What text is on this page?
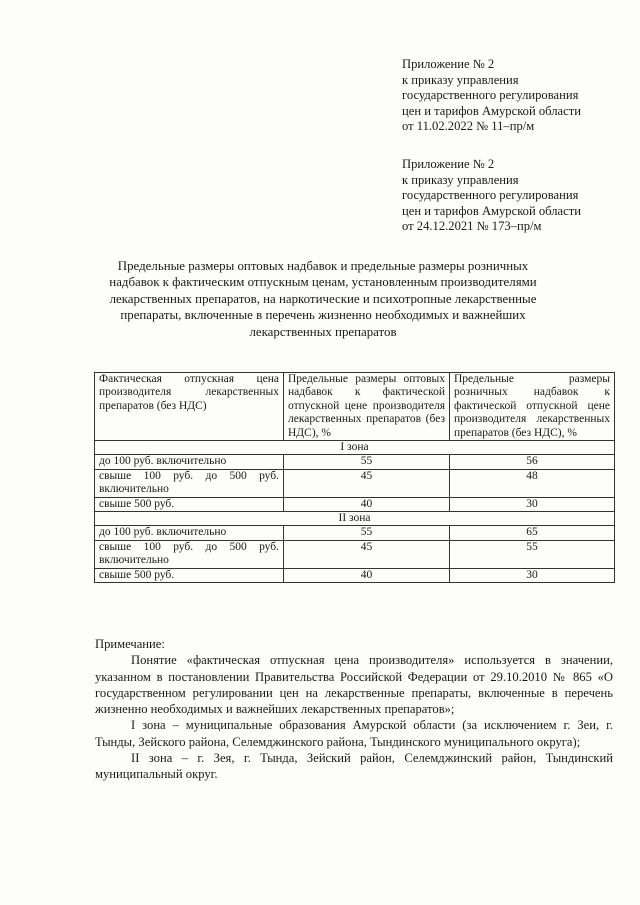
Приложение № 2
к приказу управления
государственного регулирования
цен и тарифов Амурской области
от 11.02.2022 № 11–пр/м
Приложение № 2
к приказу управления
государственного регулирования
цен и тарифов Амурской области
от 24.12.2021 № 173–пр/м
Предельные размеры оптовых надбавок и предельные размеры розничных
надбавок к фактическим отпускным ценам, установленным производителями
лекарственных препаратов, на наркотические и психотропные лекарственные
препараты, включенные в перечень жизненно необходимых и важнейших
лекарственных препаратов
Фактическая отпускная цена производителя лекарственных препаратов (без НДС)	Предельные размеры оптовых надбавок к фактической отпускной цене производителя лекарственных препаратов (без НДС), %	Предельные размеры розничных надбавок к фактической отпускной цене производителя лекарственных препаратов (без НДС), %
I зона		
до 100 руб. включительно	55	56
свыше 100 руб. до 500 руб. включительно	45	48
свыше 500 руб.	40	30
II зона		
до 100 руб. включительно	55	65
свыше 100 руб. до 500 руб. включительно	45	55
свыше 500 руб.	40	30

Примечание:

Понятие «фактическая отпускная цена производителя» используется в значении, указанном в постановлении Правительства Российской Федерации от 29.10.2010 № 865 «О государственном регулировании цен на лекарственные препараты, включенные в перечень жизненно необходимых и важнейших лекарственных препаратов»;

I зона – муниципальные образования Амурской области (за исключением г. Зеи, г. Тынды, Зейского района, Селемджинского района, Тындинского муниципального округа);

II зона – г. Зея, г. Тында, Зейский район, Селемджинский район, Тындинский муниципальный округ.
